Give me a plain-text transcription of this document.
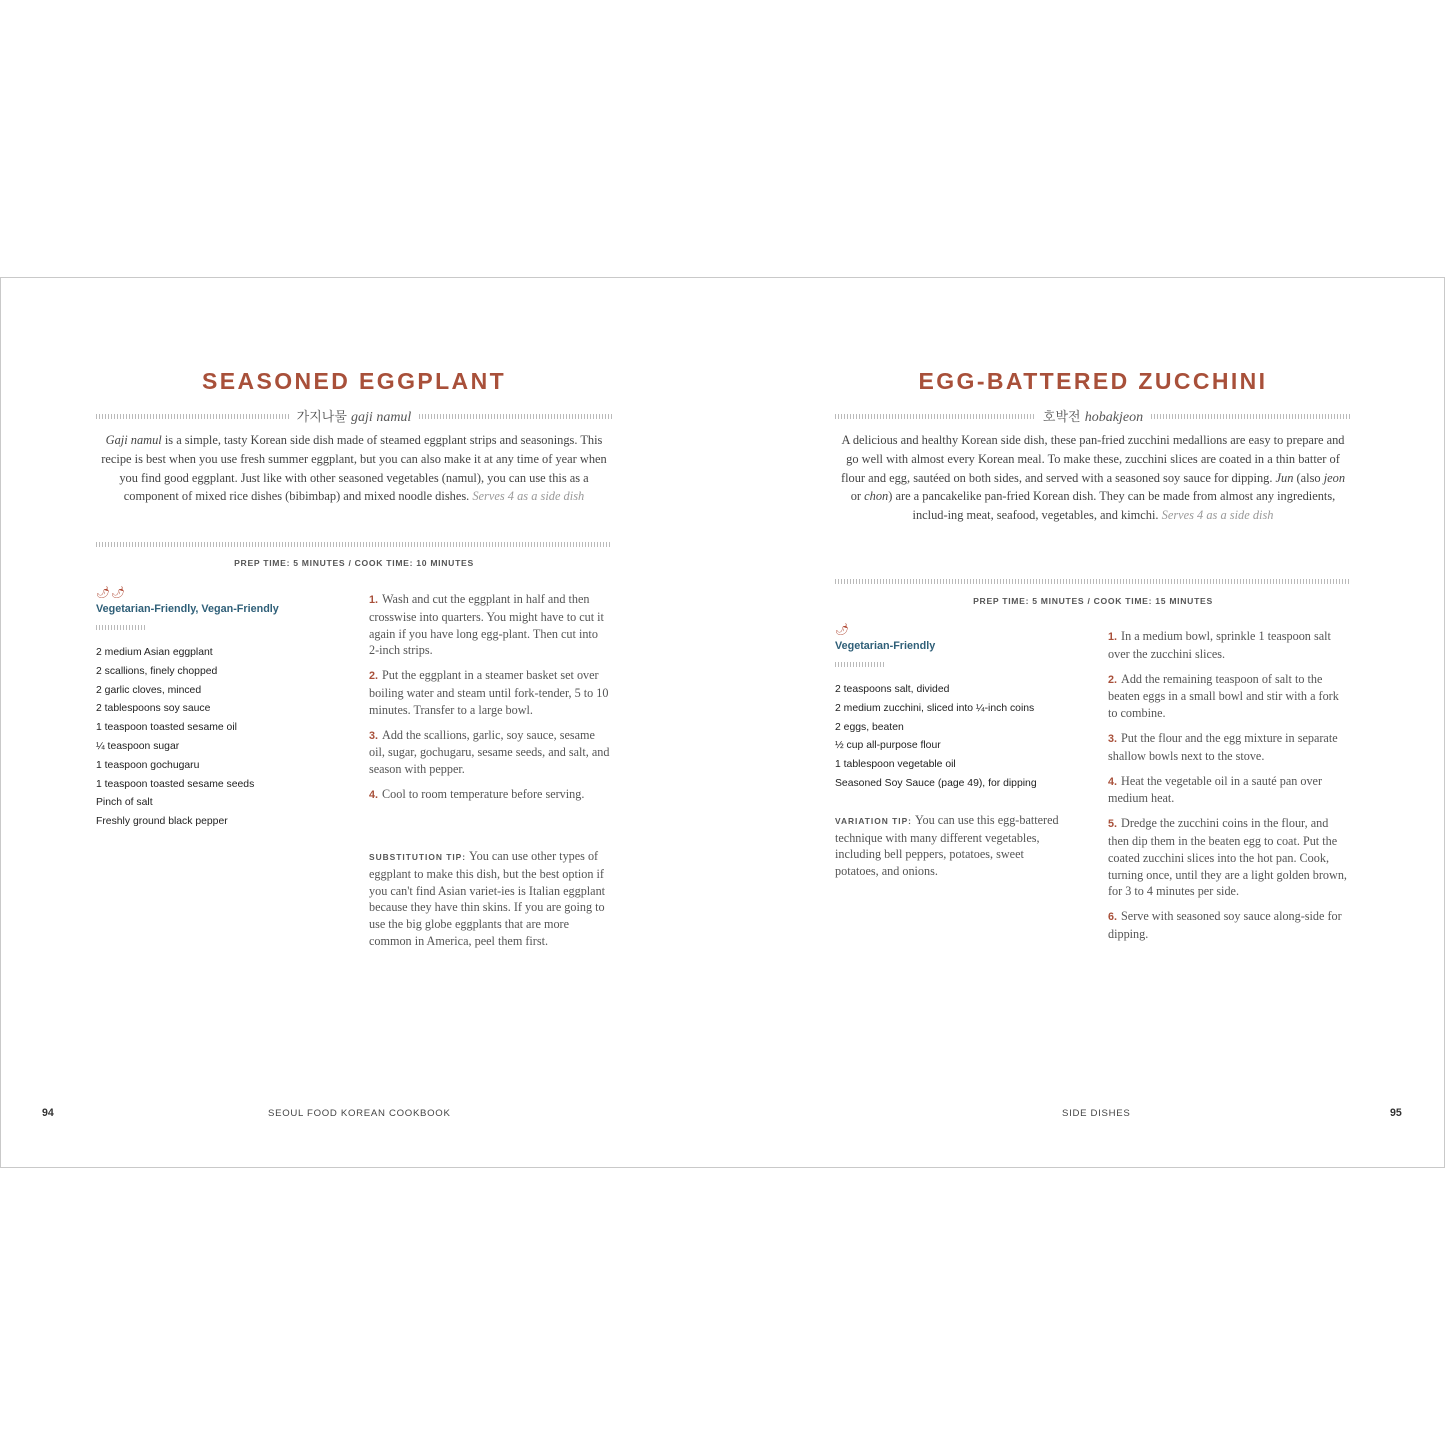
SEASONED EGGPLANT
가지나물 gaji namul

Gaji namul is a simple, tasty Korean side dish made of steamed eggplant strips and seasonings. This recipe is best when you use fresh summer eggplant, but you can also make it at any time of year when you find good eggplant. Just like with other seasoned vegetables (namul), you can use this as a component of mixed rice dishes (bibimbap) and mixed noodle dishes. Serves 4 as a side dish

PREP TIME: 5 MINUTES / COOK TIME: 10 MINUTES

🌶🌶
Vegetarian-Friendly, Vegan-Friendly
2 medium Asian eggplant
2 scallions, finely chopped
2 garlic cloves, minced
2 tablespoons soy sauce
1 teaspoon toasted sesame oil
¼ teaspoon sugar
1 teaspoon gochugaru
1 teaspoon toasted sesame seeds
Pinch of salt
Freshly ground black pepper
1. Wash and cut the eggplant in half and then crosswise into quarters. You might have to cut it again if you have long egg-plant. Then cut into 2-inch strips.
2. Put the eggplant in a steamer basket set over boiling water and steam until fork-tender, 5 to 10 minutes. Transfer to a large bowl.
3. Add the scallions, garlic, soy sauce, sesame oil, sugar, gochugaru, sesame seeds, and salt, and season with pepper.
4. Cool to room temperature before serving.

SUBSTITUTION TIP: You can use other types of eggplant to make this dish, but the best option if you can't find Asian variet-ies is Italian eggplant because they have thin skins. If you are going to use the big globe eggplants that are more common in America, peel them first.

94	SEOUL FOOD KOREAN COOKBOOK
EGG-BATTERED ZUCCHINI
호박전 hobakjeon

A delicious and healthy Korean side dish, these pan-fried zucchini medallions are easy to prepare and go well with almost every Korean meal. To make these, zucchini slices are coated in a thin batter of flour and egg, sautéed on both sides, and served with a seasoned soy sauce for dipping. Jun (also jeon or chon) are a pancakelike pan-fried Korean dish. They can be made from almost any ingredients, includ-ing meat, seafood, vegetables, and kimchi. Serves 4 as a side dish

PREP TIME: 5 MINUTES / COOK TIME: 15 MINUTES

🌶
Vegetarian-Friendly
2 teaspoons salt, divided
2 medium zucchini, sliced into ¼-inch coins
2 eggs, beaten
½ cup all-purpose flour
1 tablespoon vegetable oil
Seasoned Soy Sauce (page 49), for dipping

VARIATION TIP: You can use this egg-battered technique with many different vegetables, including bell peppers, potatoes, sweet potatoes, and onions.

1. In a medium bowl, sprinkle 1 teaspoon salt over the zucchini slices.
2. Add the remaining teaspoon of salt to the beaten eggs in a small bowl and stir with a fork to combine.
3. Put the flour and the egg mixture in separate shallow bowls next to the stove.
4. Heat the vegetable oil in a sauté pan over medium heat.
5. Dredge the zucchini coins in the flour, and then dip them in the beaten egg to coat. Put the coated zucchini slices into the hot pan. Cook, turning once, until they are a light golden brown, for 3 to 4 minutes per side.
6. Serve with seasoned soy sauce along-side for dipping.
SIDE DISHES	95
